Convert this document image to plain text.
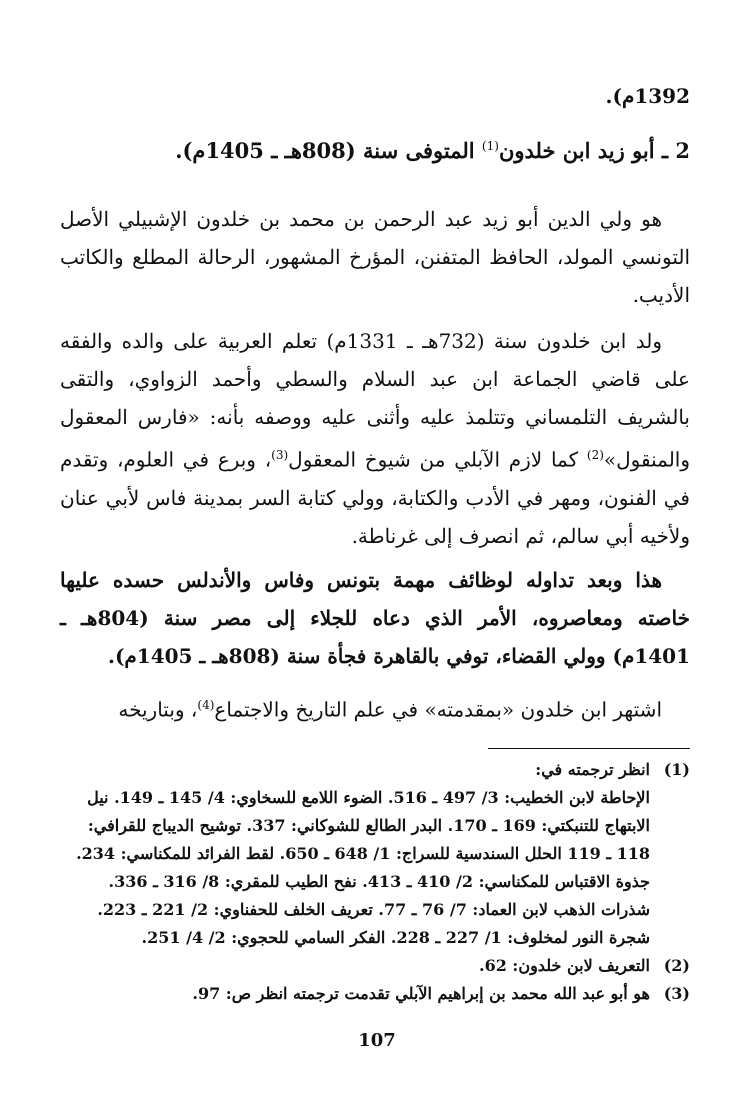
1392م).
2 ـ أبو زيد ابن خلدون$^{(1)}$ المتوفى سنة (808هـ ـ 1405م).

هو ولي الدين أبو زيد عبد الرحمن بن محمد بن خلدون الإشبيلي الأصل التونسي المولد، الحافظ المتفنن، المؤرخ المشهور، الرحالة المطلع والكاتب الأديب.

ولد ابن خلدون سنة (732هـ ـ 1331م) تعلم العربية على والده والفقه على قاضي الجماعة ابن عبد السلام والسطي وأحمد الزواوي، والتقى بالشريف التلمساني وتتلمذ عليه وأثنى عليه ووصفه بأنه: «فارس المعقول والمنقول»$^{(2)}$ كما لازم الآبلي من شيوخ المعقول$^{(3)}$، وبرع في العلوم، وتقدم في الفنون، ومهر في الأدب والكتابة، وولي كتابة السر بمدينة فاس لأبي عنان ولأخيه أبي سالم، ثم انصرف إلى غرناطة.

هذا وبعد تداوله لوظائف مهمة بتونس وفاس والأندلس حسده عليها خاصته ومعاصروه، الأمر الذي دعاه للجلاء إلى مصر سنة (804هـ ـ 1401م) وولي القضاء، توفي بالقاهرة فجأة سنة (808هـ ـ 1405م).

اشتهر ابن خلدون «بمقدمته» في علم التاريخ والاجتماع$^{(4)}$، وبتاريخه

(1)
انظر ترجمته في:
الإحاطة لابن الخطيب: 3/ 497 ـ 516. الضوء اللامع للسخاوي: 4/ 145 ـ 149. نيل
الابتهاج للتنبكتي: 169 ـ 170. البدر الطالع للشوكاني: 337. توشيح الديباج للقرافي:
118 ـ 119 الحلل السندسية للسراج: 1/ 648 ـ 650. لقط الفرائد للمكناسي: 234.
جذوة الاقتباس للمكناسي: 2/ 410 ـ 413. نفح الطيب للمقري: 8/ 316 ـ 336.
شذرات الذهب لابن العماد: 7/ 76 ـ 77. تعريف الخلف للحفناوي: 2/ 221 ـ 223.
شجرة النور لمخلوف: 1/ 227 ـ 228. الفكر السامي للحجوي: 2/ 4/ 251.
(2)
التعريف لابن خلدون: 62.
(3)
هو أبو عبد الله محمد بن إبراهيم الآبلي تقدمت ترجمته انظر ص: 97.
107
